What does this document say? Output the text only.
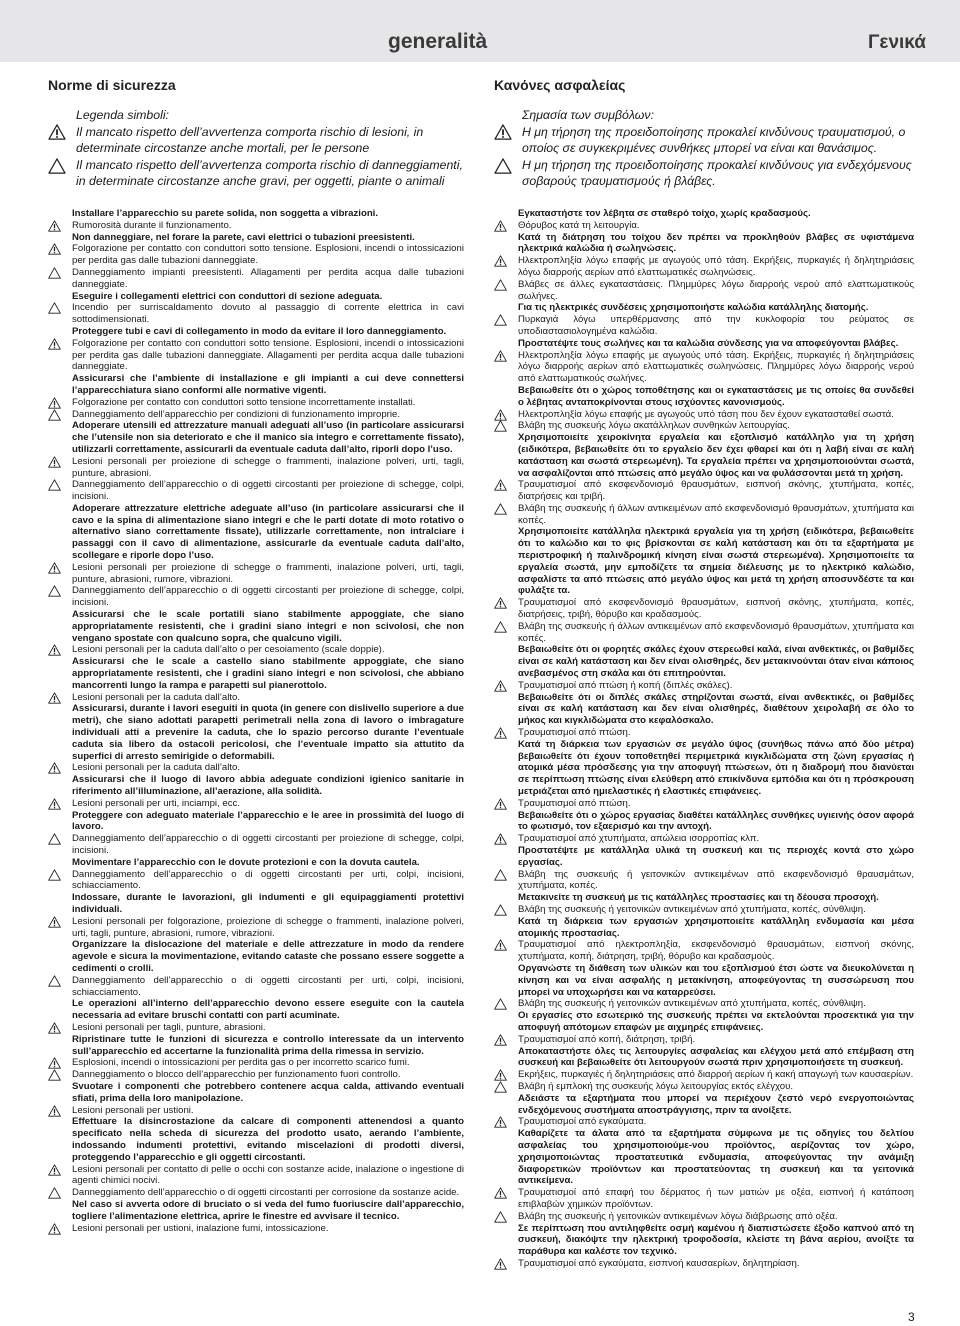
generalità	Γενικά
Norme di sicurezza
Legenda simboli:
Il mancato rispetto dell’avvertenza comporta rischio di lesioni, in determinate circostanze anche mortali, per le persone
Il mancato rispetto dell’avvertenza comporta rischio di danneggiamenti, in determinate circostanze anche gravi, per oggetti, piante o animali
Installare l’apparecchio su parete solida, non soggetta a vibrazioni.
Rumorosità durante il funzionamento.
Non danneggiare, nel forare la parete, cavi elettrici o tubazioni preesistenti.
Folgorazione per contatto con conduttori sotto tensione. Esplosioni, incendi o intossicazioni per perdita gas dalle tubazioni danneggiate.
Danneggiamento impianti preesistenti. Allagamenti per perdita acqua dalle tubazioni danneggiate.
Eseguire i collegamenti elettrici con conduttori di sezione adeguata.
Incendio per surriscaldamento dovuto al passaggio di corrente elettrica in cavi sottodimensionati.
Proteggere tubi e cavi di collegamento in modo da evitare il loro danneggiamento.
Folgorazione per contatto con conduttori sotto tensione. Esplosioni, incendi o intossicazioni per perdita gas dalle tubazioni danneggiate. Allagamenti per perdita acqua dalle tubazioni danneggiate.
Assicurarsi che l’ambiente di installazione e gli impianti a cui deve connettersi l’apparecchiatura siano conformi alle normative vigenti.
Folgorazione per contatto con conduttori sotto tensione incorrettamente installati.
Danneggiamento dell’apparecchio per condizioni di funzionamento improprie.
Adoperare utensili ed attrezzature manuali adeguati all’uso (in particolare assicurarsi che l’utensile non sia deteriorato e che il manico sia integro e correttamente fissato), utilizzarli correttamente, assicurarli da eventuale caduta dall’alto, riporli dopo l’uso.
Lesioni personali per proiezione di schegge o frammenti, inalazione polveri, urti, tagli, punture, abrasioni.
Danneggiamento dell’apparecchio o di oggetti circostanti per proiezione di schegge, colpi, incisioni.
Adoperare attrezzature elettriche adeguate all’uso (in particolare assicurarsi che il cavo e la spina di alimentazione siano integri e che le parti dotate di moto rotativo o alternativo siano correttamente fissate), utilizzarle correttamente, non intralciare i passaggi con il cavo di alimentazione, assicurarle da eventuale caduta dall’alto, scollegare e riporle dopo l’uso.
Lesioni personali per proiezione di schegge o frammenti, inalazione polveri, urti, tagli, punture, abrasioni, rumore, vibrazioni.
Danneggiamento dell’apparecchio o di oggetti circostanti per proiezione di schegge, colpi, incisioni.
Assicurarsi che le scale portatili siano stabilmente appoggiate, che siano appropriatamente resistenti, che i gradini siano integri e non scivolosi, che non vengano spostate con qualcuno sopra, che qualcuno vigili.
Lesioni personali per la caduta dall’alto o per cesoiamento (scale doppie).
Assicurarsi che le scale a castello siano stabilmente appoggiate, che siano appropriatamente resistenti, che i gradini siano integri e non scivolosi, che abbiano mancorrenti lungo la rampa e parapetti sul pianerottolo.
Lesioni personali per la caduta dall’alto.
Assicurarsi, durante i lavori eseguiti in quota (in genere con dislivello superiore a due metri), che siano adottati parapetti perimetrali nella zona di lavoro o imbragature individuali atti a prevenire la caduta, che lo spazio percorso durante l’eventuale caduta sia libero da ostacoli pericolosi, che l’eventuale impatto sia attutito da superfici di arresto semirigide o deformabili.
Lesioni personali per la caduta dall’alto.
Assicurarsi che il luogo di lavoro abbia adeguate condizioni igienico sanitarie in riferimento all’illuminazione, all’aerazione, alla solidità.
Lesioni personali per urti, inciampi, ecc.
Proteggere con adeguato materiale l’apparecchio e le aree in prossimità del luogo di lavoro.
Danneggiamento dell’apparecchio o di oggetti circostanti per proiezione di schegge, colpi, incisioni.
Movimentare l’apparecchio con le dovute protezioni e con la dovuta cautela.
Danneggiamento dell’apparecchio o di oggetti circostanti per urti, colpi, incisioni, schiacciamento.
Indossare, durante le lavorazioni, gli indumenti e gli equipaggiamenti protettivi individuali.
Lesioni personali per folgorazione, proiezione di schegge o frammenti, inalazione polveri, urti, tagli, punture, abrasioni, rumore, vibrazioni.
Organizzare la dislocazione del materiale e delle attrezzature in modo da rendere agevole e sicura la movimentazione, evitando cataste che possano essere soggette a cedimenti o crolli.
Danneggiamento dell’apparecchio o di oggetti circostanti per urti, colpi, incisioni, schiacciamento.
Le operazioni all’interno dell’apparecchio devono essere eseguite con la cautela necessaria ad evitare bruschi contatti con parti acuminate.
Lesioni personali per tagli, punture, abrasioni.
Ripristinare tutte le funzioni di sicurezza e controllo interessate da un intervento sull’apparecchio ed accertarne la funzionalità prima della rimessa in servizio.
Esplosioni, incendi o intossicazioni per perdita gas o per incorretto scarico fumi.
Danneggiamento o blocco dell’apparecchio per funzionamento fuori controllo.
Svuotare i componenti che potrebbero contenere acqua calda, attivando eventuali sfiati, prima della loro manipolazione.
Lesioni personali per ustioni.
Effettuare la disincrostazione da calcare di componenti attenendosi a quanto specificato nella scheda di sicurezza del prodotto usato, aerando l’ambiente, indossando indumenti protettivi, evitando miscelazioni di prodotti diversi, proteggendo l’apparecchio e gli oggetti circostanti.
Lesioni personali per contatto di pelle o occhi con sostanze acide, inalazione o ingestione di agenti chimici nocivi.
Danneggiamento dell’apparecchio o di oggetti circostanti per corrosione da sostanze acide.
Nel caso si avverta odore di bruciato o si veda del fumo fuoriuscire dall’apparecchio, togliere l’alimentazione elettrica, aprire le finestre ed avvisare il tecnico.
Lesioni personali per ustioni, inalazione fumi, intossicazione.
Κανόνες ασφαλείας
Σημασία των συμβόλων:
Η μη τήρηση της προειδοποίησης προκαλεί κινδύνους τραυματισμού, ο οποίος σε συγκεκριμένες συνθήκες μπορεί να είναι και θανάσιμος.
Η μη τήρηση της προειδοποίησης προκαλεί κινδύνους για ενδεχόμενους σοβαρούς τραυματισμούς ή βλάβες.
Εγκαταστήστε τον λέβητα σε σταθερό τοίχο, χωρίς κραδασμούς.
Θόρυβος κατά τη λειτουργία.
Κατά τη διάτρηση του τοίχου δεν πρέπει να προκληθούν βλάβες σε υφιστάμενα ηλεκτρικά καλώδια ή σωληνώσεις.
Ηλεκτροπληξία λόγω επαφής με αγωγούς υπό τάση. Εκρήξεις, πυρκαγιές ή δηλητηριάσεις λόγω διαρροής αερίων από ελαττωματικές σωληνώσεις.
Βλάβες σε άλλες εγκαταστάσεις. Πλημμύρες λόγω διαρροής νερού από ελαττωματικούς σωλήνες.
Για τις ηλεκτρικές συνδέσεις χρησιμοποιήστε καλώδια κατάλληλης διατομής.
Πυρκαγιά λόγω υπερθέρμανσης από την κυκλοφορία του ρεύματος σε υποδιαστασιολογημένα καλώδια.
Προστατέψτε τους σωλήνες και τα καλώδια σύνδεσης για να αποφεύγονται βλάβες.
Ηλεκτροπληξία λόγω επαφής με αγωγούς υπό τάση. Εκρήξεις, πυρκαγιές ή δηλητηριάσεις λόγω διαρροής αερίων από ελαττωματικές σωληνώσεις. Πλημμύρες λόγω διαρροής νερού από ελαττωματικούς σωλήνες.
Βεβαιωθείτε ότι ο χώρος τοποθέτησης και οι εγκαταστάσεις με τις οποίες θα συνδεθεί ο λέβητας ανταποκρίνονται στους ισχύοντες κανονισμούς.
Ηλεκτροπληξία λόγω επαφής με αγωγούς υπό τάση που δεν έχουν εγκατασταθεί σωστά.
Βλάβη της συσκευής λόγω ακατάλληλων συνθηκών λειτουργίας.
Χρησιμοποιείτε χειροκίνητα εργαλεία και εξοπλισμό κατάλληλο για τη χρήση (ειδικότερα, βεβαιωθείτε ότι το εργαλείο δεν έχει φθαρεί και ότι η λαβή είναι σε καλή κατάσταση και σωστά στερεωμένη). Τα εργαλεία πρέπει να χρησιμοποιούνται σωστά, να ασφαλίζονται από πτώσεις από μεγάλο ύψος και να φυλάσσονται μετά τη χρήση.
Τραυματισμοί από εκσφενδονισμό θραυσμάτων, εισπνοή σκόνης, χτυπήματα, κοπές, διατρήσεις και τριβή.
Βλάβη της συσκευής ή άλλων αντικειμένων από εκσφενδονισμό θραυσμάτων, χτυπήματα και κοπές.
Χρησιμοποιείτε κατάλληλα ηλεκτρικά εργαλεία για τη χρήση (ειδικότερα, βεβαιωθείτε ότι το καλώδιο και το φις βρίσκονται σε καλή κατάσταση και ότι τα εξαρτήματα με περιστροφική ή παλινδρομική κίνηση είναι σωστά στερεωμένα). Χρησιμοποιείτε τα εργαλεία σωστά, μην εμποδίζετε τα σημεία διέλευσης με το ηλεκτρικό καλώδιο, ασφαλίστε τα από πτώσεις από μεγάλο ύψος και μετά τη χρήση αποσυνδέστε τα και φυλάξτε τα.
Τραυματισμοί από εκσφενδονισμό θραυσμάτων, εισπνοή σκόνης, χτυπήματα, κοπές, διατρήσεις, τριβή, θόρυβο και κραδασμούς.
Βλάβη της συσκευής ή άλλων αντικειμένων από εκσφενδονισμό θραυσμάτων, χτυπήματα και κοπές.
Βεβαιωθείτε ότι οι φορητές σκάλες έχουν στερεωθεί καλά, είναι ανθεκτικές, οι βαθμίδες είναι σε καλή κατάσταση και δεν είναι ολισθηρές, δεν μετακινούνται όταν είναι κάποιος ανεβασμένος στη σκάλα και ότι επιτηρούνται.
Τραυματισμοί από πτώση ή κοπή (διπλές σκάλες).
Βεβαιωθείτε ότι οι διπλές σκάλες στηρίζονται σωστά, είναι ανθεκτικές, οι βαθμίδες είναι σε καλή κατάσταση και δεν είναι ολισθηρές, διαθέτουν χειρολαβή σε όλο το μήκος και κιγκλιδώματα στο κεφαλόσκαλο.
Τραυματισμοί από πτώση.
Κατά τη διάρκεια των εργασιών σε μεγάλο ύψος (συνήθως πάνω από δύο μέτρα) βεβαιωθείτε ότι έχουν τοποθετηθεί περιμετρικά κιγκλιδώματα στη ζώνη εργασίας ή ατομικά μέσα πρόσδεσης για την αποφυγή πτώσεων, ότι η διαδρομή που διανύεται σε περίπτωση πτώσης είναι ελεύθερη από επικίνδυνα εμπόδια και ότι η πρόσκρουση μετριάζεται από ημιελαστικές ή ελαστικές επιφάνειες.
Τραυματισμοί από πτώση.
Βεβαιωθείτε ότι ο χώρος εργασίας διαθέτει κατάλληλες συνθήκες υγιεινής όσον αφορά το φωτισμό, τον εξαερισμό και την αντοχή.
Τραυματισμοί από χτυπήματα, απώλεια ισορροπίας κλπ.
Προστατέψτε με κατάλληλα υλικά τη συσκευή και τις περιοχές κοντά στο χώρο εργασίας.
Βλάβη της συσκευής ή γειτονικών αντικειμένων από εκσφενδονισμό θραυσμάτων, χτυπήματα, κοπές.
Μετακινείτε τη συσκευή με τις κατάλληλες προστασίες και τη δέουσα προσοχή.
Βλάβη της συσκευής ή γειτονικών αντικειμένων από χτυπήματα, κοπές, σύνθλιψη.
Κατά τη διάρκεια των εργασιών χρησιμοποιείτε κατάλληλη ενδυμασία και μέσα ατομικής προστασίας.
Τραυματισμοί από ηλεκτροπληξία, εκσφενδονισμό θραυσμάτων, εισπνοή σκόνης, χτυπήματα, κοπή, διάτρηση, τριβή, θόρυβο και κραδασμούς.
Οργανώστε τη διάθεση των υλικών και του εξοπλισμού έτσι ώστε να διευκολύνεται η κίνηση και να είναι ασφαλής η μετακίνηση, αποφεύγοντας τη συσσώρευση που μπορεί να υποχωρήσει και να καταρρεύσει.
Βλάβη της συσκευής ή γειτονικών αντικειμένων από χτυπήματα, κοπές, σύνθλιψη.
Οι εργασίες στο εσωτερικό της συσκευής πρέπει να εκτελούνται προσεκτικά για την αποφυγή απότομων επαφών με αιχμηρές επιφάνειες.
Τραυματισμοί από κοπή, διάτρηση, τριβή.
Αποκαταστήστε όλες τις λειτουργίες ασφαλείας και ελέγχου μετά από επέμβαση στη συσκευή και βεβαιωθείτε ότι λειτουργούν σωστά πριν χρησιμοποιήσετε τη συσκευή.
Εκρήξεις, πυρκαγιές ή δηλητηριάσεις από διαρροή αερίων ή κακή απαγωγή των καυσαερίων.
Βλάβη ή εμπλοκή της συσκευής λόγω λειτουργίας εκτός ελέγχου.
Αδειάστε τα εξαρτήματα που μπορεί να περιέχουν ζεστό νερό ενεργοποιώντας ενδεχόμενους συστήματα αποστράγγισης, πριν τα ανοίξετε.
Τραυματισμοί από εγκαύματα.
Καθαρίζετε τα άλατα από τα εξαρτήματα σύμφωνα με τις οδηγίες του δελτίου ασφαλείας του χρησιμοποιούμε-νου προϊόντος, αερίζοντας τον χώρο, χρησιμοποιώντας προστατευτικά ενδυμασία, αποφεύγοντας την ανάμιξη διαφορετικών προϊόντων και προστατεύοντας τη συσκευή και τα γειτονικά αντικείμενα.
Τραυματισμοί από επαφή του δέρματος ή των ματιών με οξέα, εισπνοή ή κατάποση επιβλαβών χημικών προϊόντων.
Βλάβη της συσκευής ή γειτονικών αντικειμένων λόγω διάβρωσης από οξέα.
Σε περίπτωση που αντιληφθείτε οσμή καμένου ή διαπιστώσετε έξοδο καπνού από τη συσκευή, διακόψτε την ηλεκτρική τροφοδοσία, κλείστε τη βάνα αερίου, ανοίξτε τα παράθυρα και καλέστε τον τεχνικό.
Τραυματισμοί από εγκαύματα, εισπνοή καυσαερίων, δηλητηρίαση.
3
